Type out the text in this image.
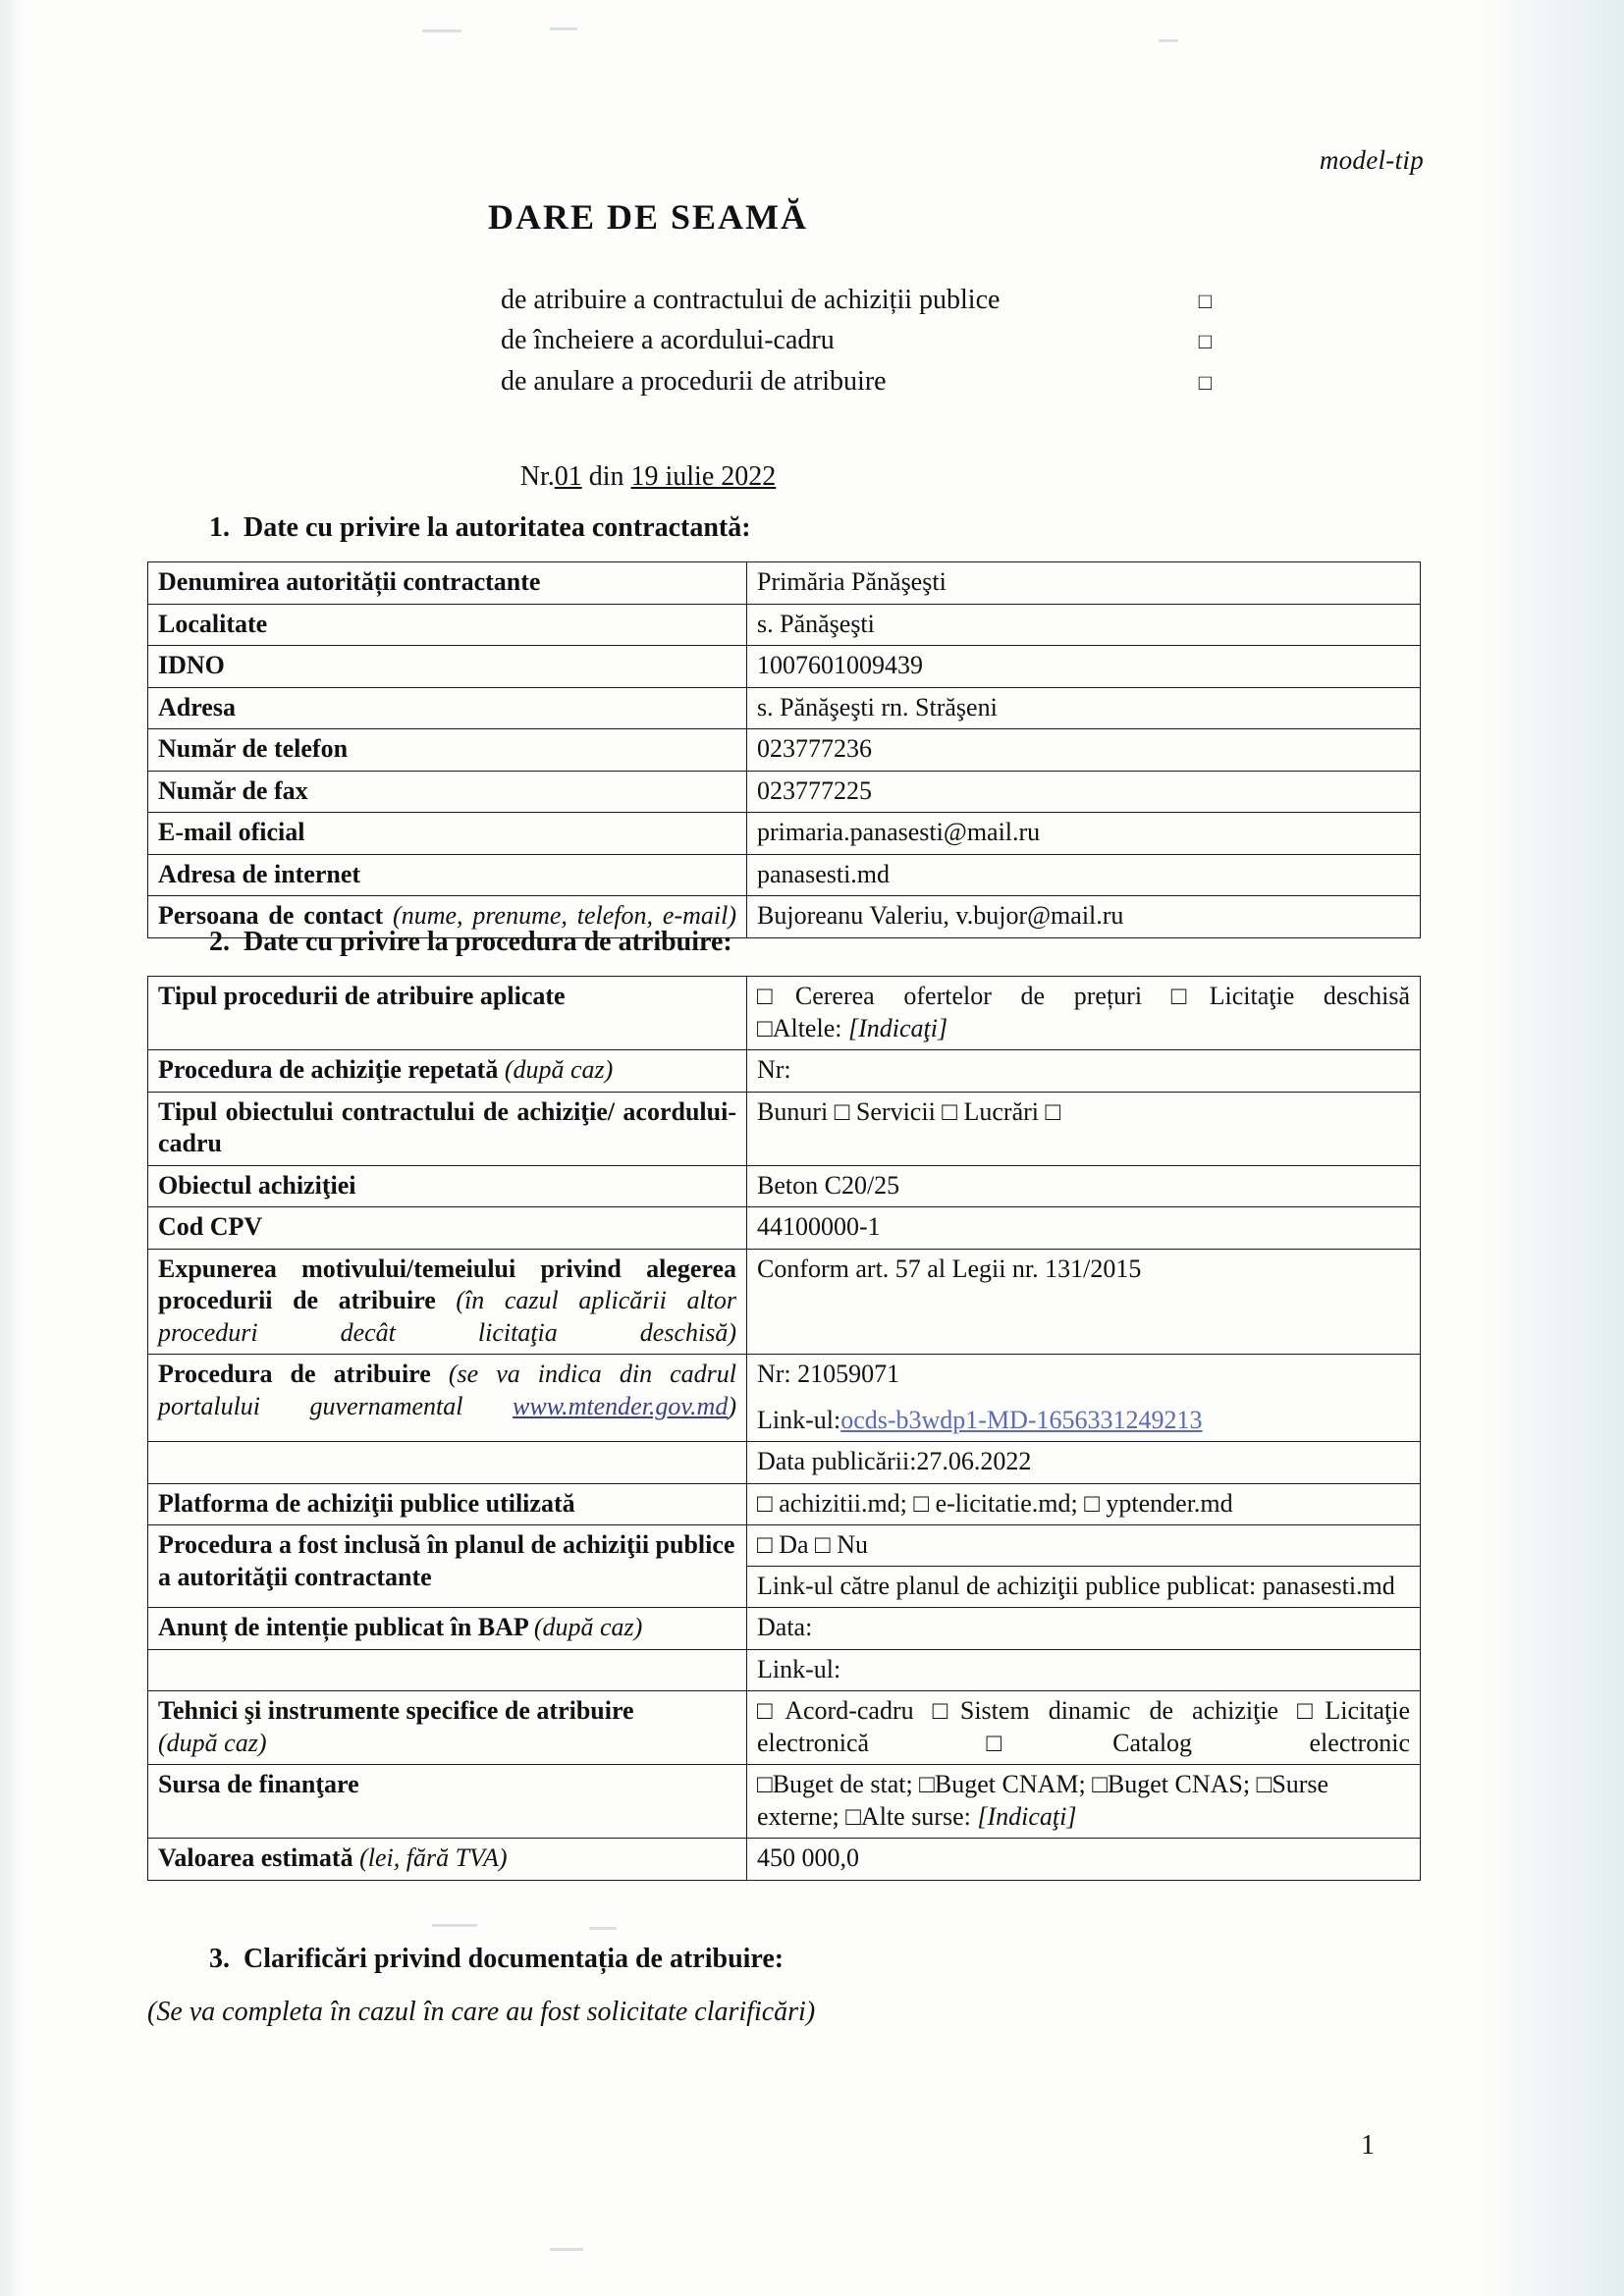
model-tip
DARE DE SEAMĂ
de atribuire a contractului de achiziții publice	□
de încheiere a acordului-cadru	□
de anulare a procedurii de atribuire	□
Nr.01 din 19 iulie 2022
1. Date cu privire la autoritatea contractantă:
Denumirea autorității contractante	Primăria Pănăşeşti
Localitate	s. Pănăşeşti
IDNO	1007601009439
Adresa	s. Pănăşeşti rn. Străşeni
Număr de telefon	023777236
Număr de fax	023777225
E-mail oficial	primaria.panasesti@mail.ru
Adresa de internet	panasesti.md

Persoana de contact (nume, prenume, telefon, e-mail)	Bujoreanu Valeriu, v.bujor@mail.ru
2. Date cu privire la procedura de atribuire:
Tipul procedurii de atribuire aplicate	□Cererea ofertelor de prețuri □Licitaţie deschisă
□Altele: [Indicaţi]

Procedura de achiziţie repetată (după caz)	Nr:
Tipul obiectului contractului de achiziţie/ acordului-cadru	Bunuri □ Servicii □ Lucrări □
Obiectul achiziţiei	Beton C20/25
Cod CPV	44100000-1

Expunerea motivului/temeiului privind alegerea procedurii de atribuire (în cazul aplicării altor proceduri decât licitaţia deschisă)	Conform art. 57 al Legii nr. 131/2015

Procedura de atribuire (se va indica din cadrul portalului guvernamental www.mtender.gov.md)	Nr: 21059071
Link-ul:ocds-b3wdp1-MD-1656331249213

	Data publicării:27.06.2022
Platforma de achiziţii publice utilizată	□ achizitii.md; □ e-licitatie.md; □ yptender.md
Procedura a fost inclusă în planul de achiziţii publice a autorităţii contractante	□ Da □ Nu
Link-ul către planul de achiziţii publice publicat: panasesti.md

Anunț de intenție publicat în BAP (după caz)	Data:
	Link-ul:

Tehnici şi instrumente specifice de atribuire
(după caz)	□Acord-cadru □Sistem dinamic de achiziţie □Licitaţie electronică □Catalog electronic
Sursa de finanţare	□Buget de stat; □Buget CNAM; □Buget CNAS; □Surse externe; □Alte surse: [Indicaţi]
Valoarea estimată (lei, fără TVA)	450 000,0
3. Clarificări privind documentația de atribuire:
(Se va completa în cazul în care au fost solicitate clarificări)
1
